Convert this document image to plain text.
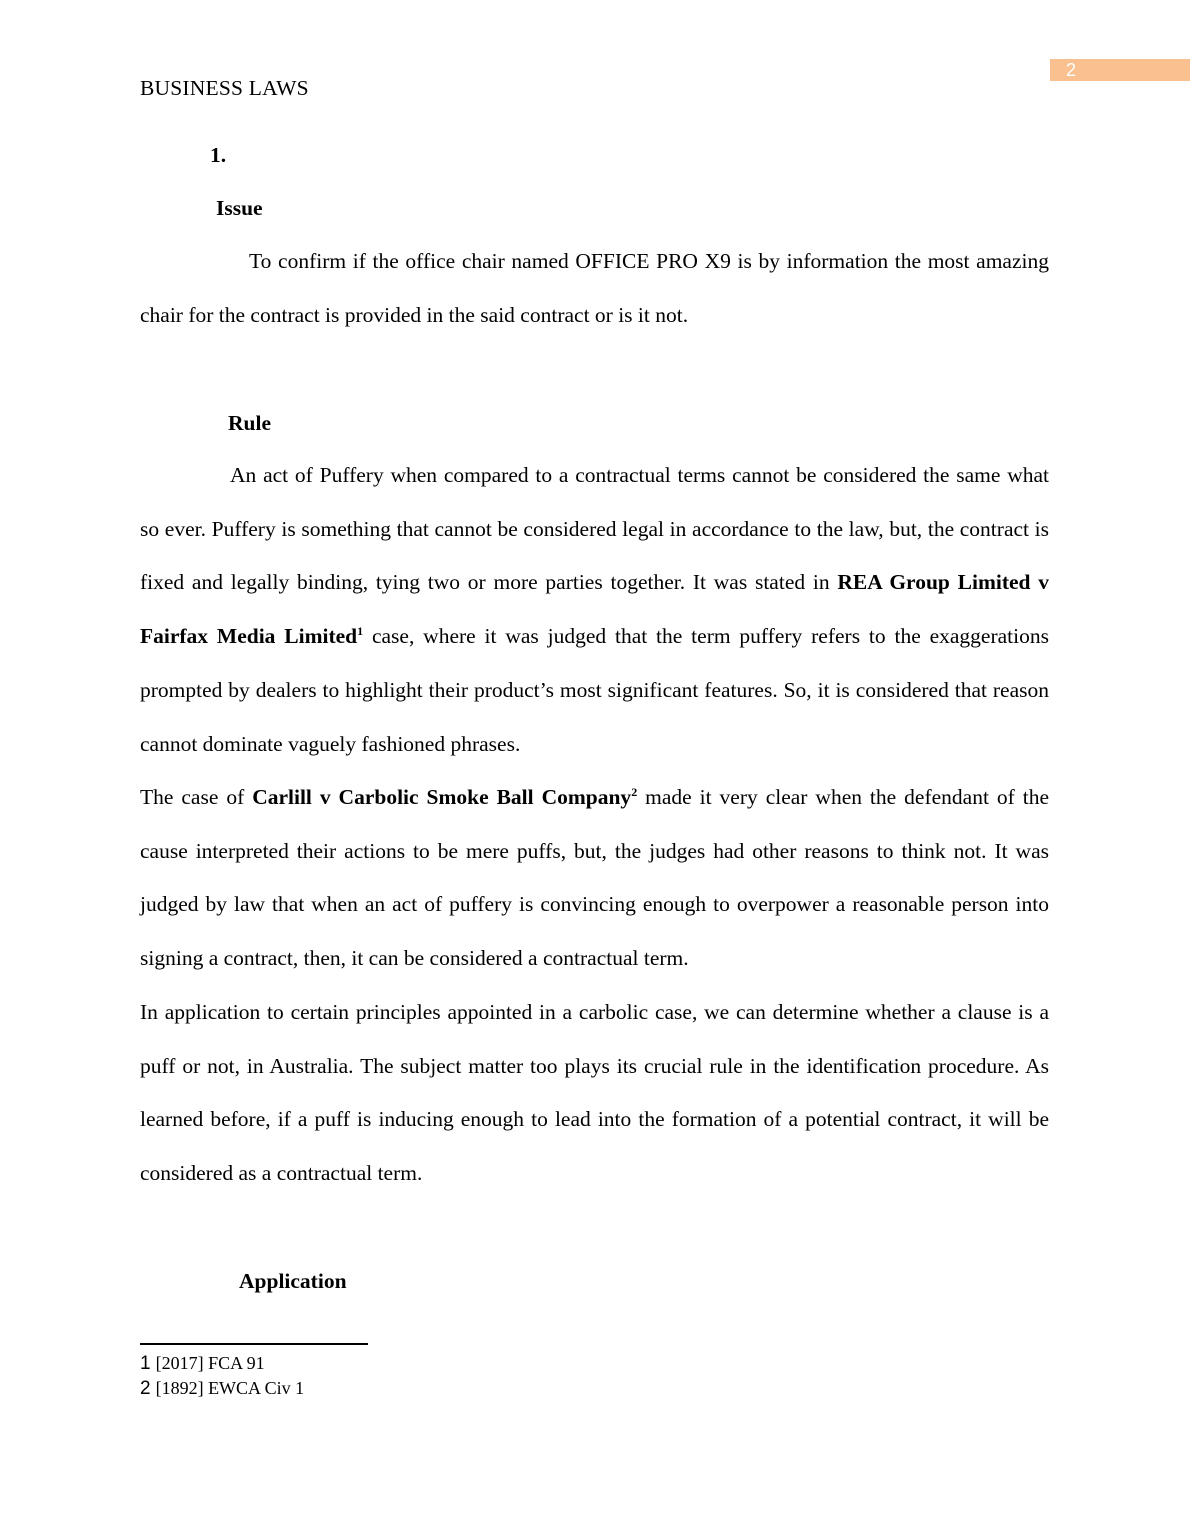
2
BUSINESS LAWS
1.
Issue

To confirm if the office chair named OFFICE PRO X9 is by information the most amazing chair for the contract is provided in the said contract or is it not.

Rule

An act of Puffery when compared to a contractual terms cannot be considered the same what so ever. Puffery is something that cannot be considered legal in accordance to the law, but, the contract is fixed and legally binding, tying two or more parties together. It was stated in REA Group Limited v Fairfax Media Limited$^1$ case, where it was judged that the term puffery refers to the exaggerations prompted by dealers to highlight their product’s most significant features. So, it is considered that reason cannot dominate vaguely fashioned phrases.

The case of Carlill v Carbolic Smoke Ball Company$^2$ made it very clear when the defendant of the cause interpreted their actions to be mere puffs, but, the judges had other reasons to think not. It was judged by law that when an act of puffery is convincing enough to overpower a reasonable person into signing a contract, then, it can be considered a contractual term.

In application to certain principles appointed in a carbolic case, we can determine whether a clause is a puff or not, in Australia. The subject matter too plays its crucial rule in the identification procedure. As learned before, if a puff is inducing enough to lead into the formation of a potential contract, it will be considered as a contractual term.

Application
1 [2017] FCA 91
2 [1892] EWCA Civ 1
